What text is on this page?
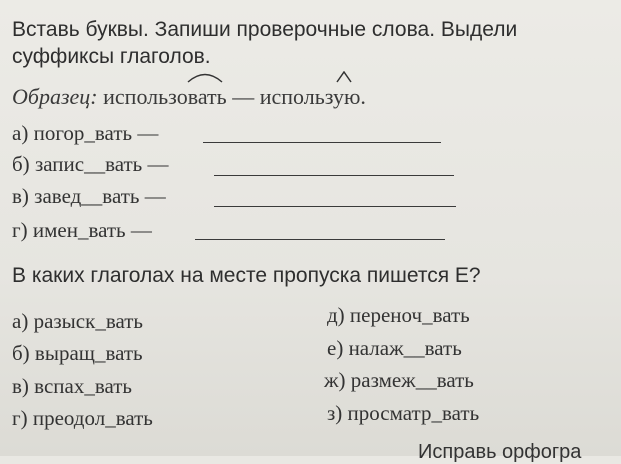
Вставь буквы. Запиши проверочные слова. Выдели
суффиксы глаголов.
Образец: использовать — использую.
а) погор_вать —
б) запис__вать —
в) завед__вать —
г) имен_вать —
В каких глаголах на месте пропуска пишется Е?
а) разыск_вать
б) выращ_вать
в) вспах_вать
г) преодол_вать
д) переноч_вать
е) налаж__вать
ж) размеж__вать
з) просматр_вать
Исправь орфогра
